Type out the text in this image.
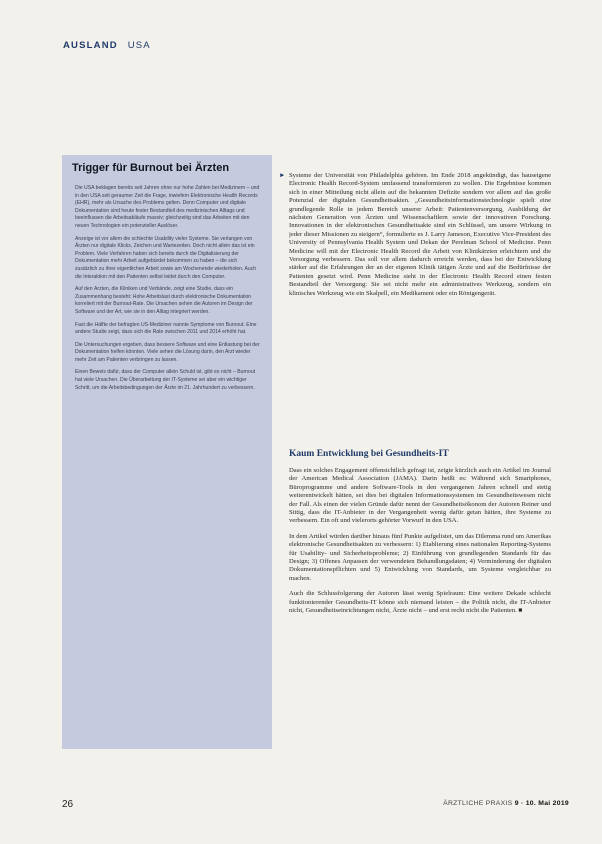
AUSLAND USA
Trigger für Burnout bei Ärzten

Die USA beklagen bereits seit Jahren ohne nur hohe Zahlen bei Medizinern – und in den USA seit geraumer Zeit die Frage, inwiefern Elektronische Health Records (EHR), mehr als Ursache des Problems gelten. Denn Computer und digitale Dokumentation sind heute fester Bestandteil des medizinischen Alltags und beeinflussen die Arbeitsabläufe massiv; gleichzeitig sind das Arbeiten mit den neuen Technologien ein potenzieller Auslöser.

Anzeige ist vor allem die schlechte Usability vieler Systeme. Sie verlangen von Ärzten nur digitale Klicks, Zeichen und Wartezeiten. Doch nicht allein das ist ein Problem. Viele Verfahren haben sich bereits durch die Digitalisierung der Dokumentation mehr Arbeit aufgebürdet bekommen zu haben – die sich zusätzlich zu ihrer eigentlichen Arbeit sowie am Wochenende wiederholen. Auch die Interaktion mit den Patienten selbst leidet durch den Computer.

Auf den Ärzten, die Kliniken und Verbände, zeigt eine Studie, dass ein Zusammenhang besteht: Hohe Arbeitslast durch elektronische Dokumentation korreliert mit der Burnout-Rate. Die Ursachen sehen die Autoren im Design der Software und der Art, wie sie in den Alltag integriert werden.

Fast die Hälfte der befragten US-Mediziner nannte Symptome von Burnout. Eine andere Studie zeigt, dass sich die Rate zwischen 2011 und 2014 erhöht hat.

Die Untersuchungen ergeben, dass bessere Software und eine Entlastung bei der Dokumentation helfen könnten. Viele sehen die Lösung darin, den Arzt wieder mehr Zeit am Patienten verbringen zu lassen.

Einen Beweis dafür, dass der Computer allein Schuld ist, gibt es nicht – Burnout hat viele Ursachen. Die Überarbeitung der IT-Systeme sei aber ein wichtiger Schritt, um die Arbeitsbedingungen der Ärzte im 21. Jahrhundert zu verbessern.

► Systeme der Universität von Philadelphia gehören. Im Ende 2018 angekündigt, das hauseigene Electronic Health Record-System umfassend transformieren zu wollen. Die Ergebnisse kommen sich in einer Mitteilung nicht allein auf die bekannten Defizite sondern vor allem auf das große Potenzial der digitalen Gesundheitsakten. „Gesundheitsinformationstechnologie spielt eine grundlegende Rolle in jedem Bereich unserer Arbeit: Patientenversorgung, Ausbildung der nächsten Generation von Ärzten und Wissenschaftlern sowie der innovativen Forschung. Innovationen in der elektronischen Gesundheitsakte sind ein Schlüssel, um unsere Wirkung in jeder dieser Missionen zu steigern“, formulierte es J. Larry Jameson, Executive Vice-President des University of Pennsylvania Health System und Dekan der Perelman School of Medicine. Penn Medicine will mit der Electronic Health Record die Arbeit von Klinikärzten erleichtern und die Versorgung verbessern. Das soll vor allem dadurch erreicht werden, dass bei der Entwicklung stärker auf die Erfahrungen der an der eigenen Klinik tätigen Ärzte und auf die Bedürfnisse der Patienten gesetzt wird. Penn Medicine sieht in der Electronic Health Record einen festen Bestandteil der Versorgung: Sie sei nicht mehr ein administratives Werkzeug, sondern ein klinisches Werkzeug wie ein Skalpell, ein Medikament oder ein Röntgengerät.

Kaum Entwicklung bei Gesundheits-IT

Dass ein solches Engagement offensichtlich gefragt ist, zeigte kürzlich auch ein Artikel im Journal der American Medical Association (JAMA). Darin heißt es: Während sich Smartphones, Büroprogramme und andere Software-Tools in den vergangenen Jahren schnell und stetig weiterentwickelt hätten, sei dies bei digitalen Informationssystemen im Gesundheitswesen nicht der Fall. Als einen der vielen Gründe dafür nennt der Gesundheitsökonom der Autoren Reiner und Sittig, dass die IT-Anbieter in der Vergangenheit wenig dafür getan hätten, ihre Systeme zu verbessern. Ein oft und vielerorts gehörter Vorwurf in den USA.

In dem Artikel würden darüber hinaus fünf Punkte aufgelistet, um das Dilemma rund um Amerikas elektronische Gesundheitsakten zu verbessern: 1) Etablierung eines nationalen Reporting-Systems für Usability- und Sicherheitsprobleme; 2) Einführung von grundlegenden Standards für das Design; 3) Offenes Anpassen der verwendeten Behandlungsdaten; 4) Verminderung der digitalen Dokumentationspflichten und 5) Entwicklung von Standards, um Systeme vergleichbar zu machen.

Auch die Schlussfolgerung der Autoren lässt wenig Spielraum: Eine weitere Dekade schlecht funktionierender Gesundheits-IT könne sich niemand leisten – die Politik nicht, die IT-Anbieter nicht, Gesundheitseinrichtungen nicht, Ärzte nicht – und erst recht nicht die Patienten. ■

26	ÄRZTLICHE PRAXIS 9 · 10. Mai 2019
